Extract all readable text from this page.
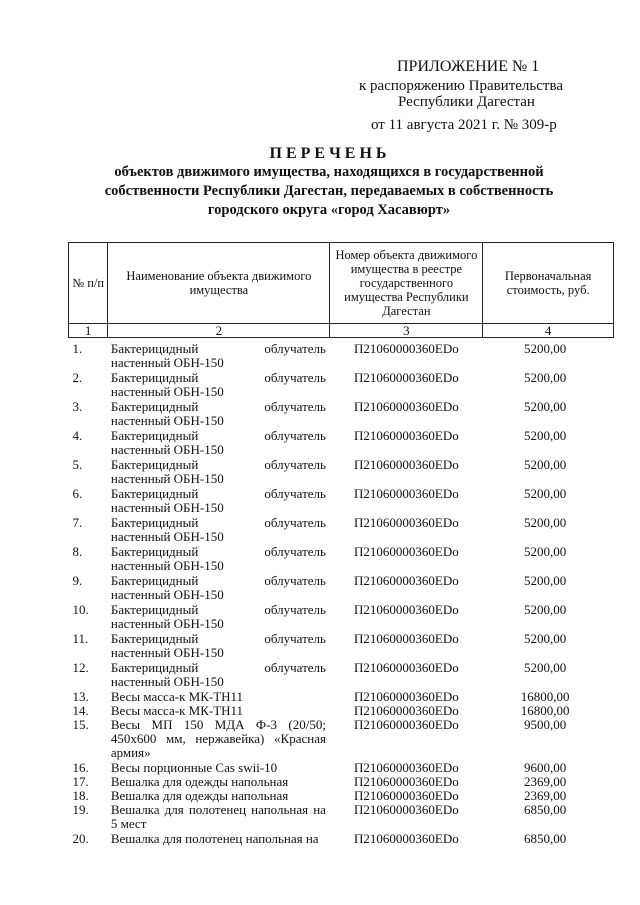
ПРИЛОЖЕНИЕ № 1
к распоряжению Правительства
Республики Дагестан
от 11 августа 2021 г. № 309-р
ПЕРЕЧЕНЬ
объектов движимого имущества, находящихся в государственной
собственности Республики Дагестан, передаваемых в собственность
городского округа «город Хасавюрт»
№ п/п	Наименование объекта движимого имущества	Номер объекта движимого имущества в реестре государственного имущества Республики Дагестан	Первоначальная стоимость, руб.
1	2	3	4
1.	Бактерицидный облучатель настенный ОБН-150	П21060000360EDo	5200,00
2.	Бактерицидный облучатель настенный ОБН-150	П21060000360EDo	5200,00
3.	Бактерицидный облучатель настенный ОБН-150	П21060000360EDo	5200,00
4.	Бактерицидный облучатель настенный ОБН-150	П21060000360EDo	5200,00
5.	Бактерицидный облучатель настенный ОБН-150	П21060000360EDo	5200,00
6.	Бактерицидный облучатель настенный ОБН-150	П21060000360EDo	5200,00
7.	Бактерицидный облучатель настенный ОБН-150	П21060000360EDo	5200,00
8.	Бактерицидный облучатель настенный ОБН-150	П21060000360EDo	5200,00
9.	Бактерицидный облучатель настенный ОБН-150	П21060000360EDo	5200,00
10.	Бактерицидный облучатель настенный ОБН-150	П21060000360EDo	5200,00
11.	Бактерицидный облучатель настенный ОБН-150	П21060000360EDo	5200,00
12.	Бактерицидный облучатель настенный ОБН-150	П21060000360EDo	5200,00
13.	Весы масса-к МК-ТН11	П21060000360EDo	16800,00
14.	Весы масса-к МК-ТН11	П21060000360EDo	16800,00
15.	Весы МП 150 МДА Ф-3 (20/50; 450х600 мм, нержавейка) «Красная армия»	П21060000360EDo	9500,00
16.	Весы порционные Cas swii-10	П21060000360EDo	9600,00
17.	Вешалка для одежды напольная	П21060000360EDo	2369,00
18.	Вешалка для одежды напольная	П21060000360EDo	2369,00
19.	Вешалка для полотенец напольная на 5 мест	П21060000360EDo	6850,00
20.	Вешалка для полотенец напольная на	П21060000360EDo	6850,00
